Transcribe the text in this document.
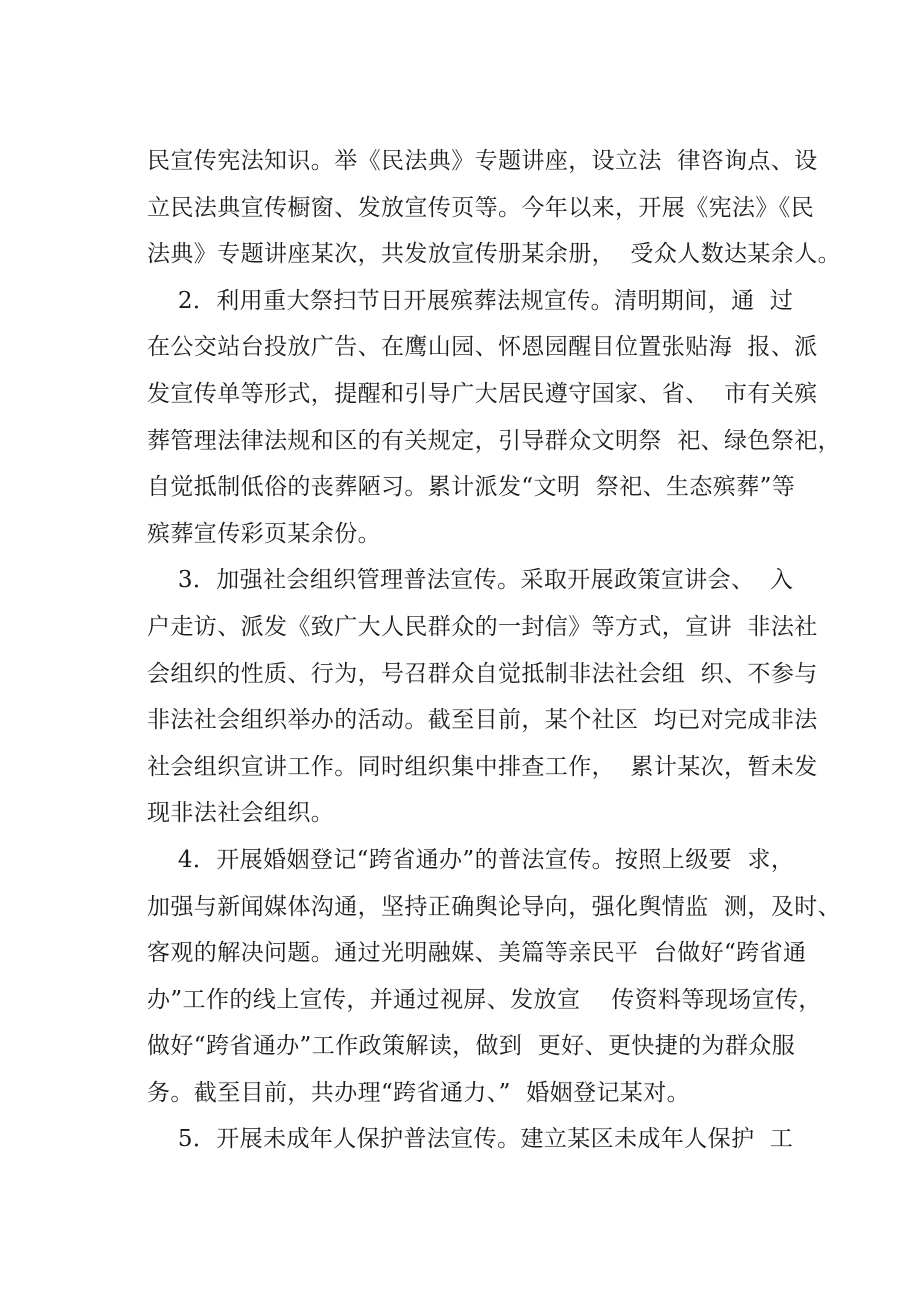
民宣传宪法知识。举《民法典》专题讲座，设立法  律咨询点、设
立民法典宣传橱窗、发放宣传页等。今年以来，开展《宪法》《民
法典》专题讲座某次，共发放宣传册某余册，  受众人数达某余人。
2．利用重大祭扫节日开展殡葬法规宣传。清明期间，通  过
在公交站台投放广告、在鹰山园、怀恩园醒目位置张贴海  报、派
发宣传单等形式，提醒和引导广大居民遵守国家、省、  市有关殡
葬管理法律法规和区的有关规定，引导群众文明祭  祀、绿色祭祀，
自觉抵制低俗的丧葬陋习。累计派发“文明  祭祀、生态殡葬”等
殡葬宣传彩页某余份。
3．加强社会组织管理普法宣传。采取开展政策宣讲会、  入
户走访、派发《致广大人民群众的一封信》等方式，宣讲  非法社
会组织的性质、行为，号召群众自觉抵制非法社会组  织、不参与
非法社会组织举办的活动。截至目前，某个社区  均已对完成非法
社会组织宣讲工作。同时组织集中排查工作，  累计某次，暂未发
现非法社会组织。
4．开展婚姻登记“跨省通办”的普法宣传。按照上级要  求，
加强与新闻媒体沟通，坚持正确舆论导向，强化舆情监  测，及时、
客观的解决问题。通过光明融媒、美篇等亲民平  台做好“跨省通
办”工作的线上宣传，并通过视屏、发放宣    传资料等现场宣传，
做好“跨省通办”工作政策解读，做到  更好、更快捷的为群众服
务。截至目前，共办理“跨省通力、”  婚姻登记某对。
5．开展未成年人保护普法宣传。建立某区未成年人保护  工
